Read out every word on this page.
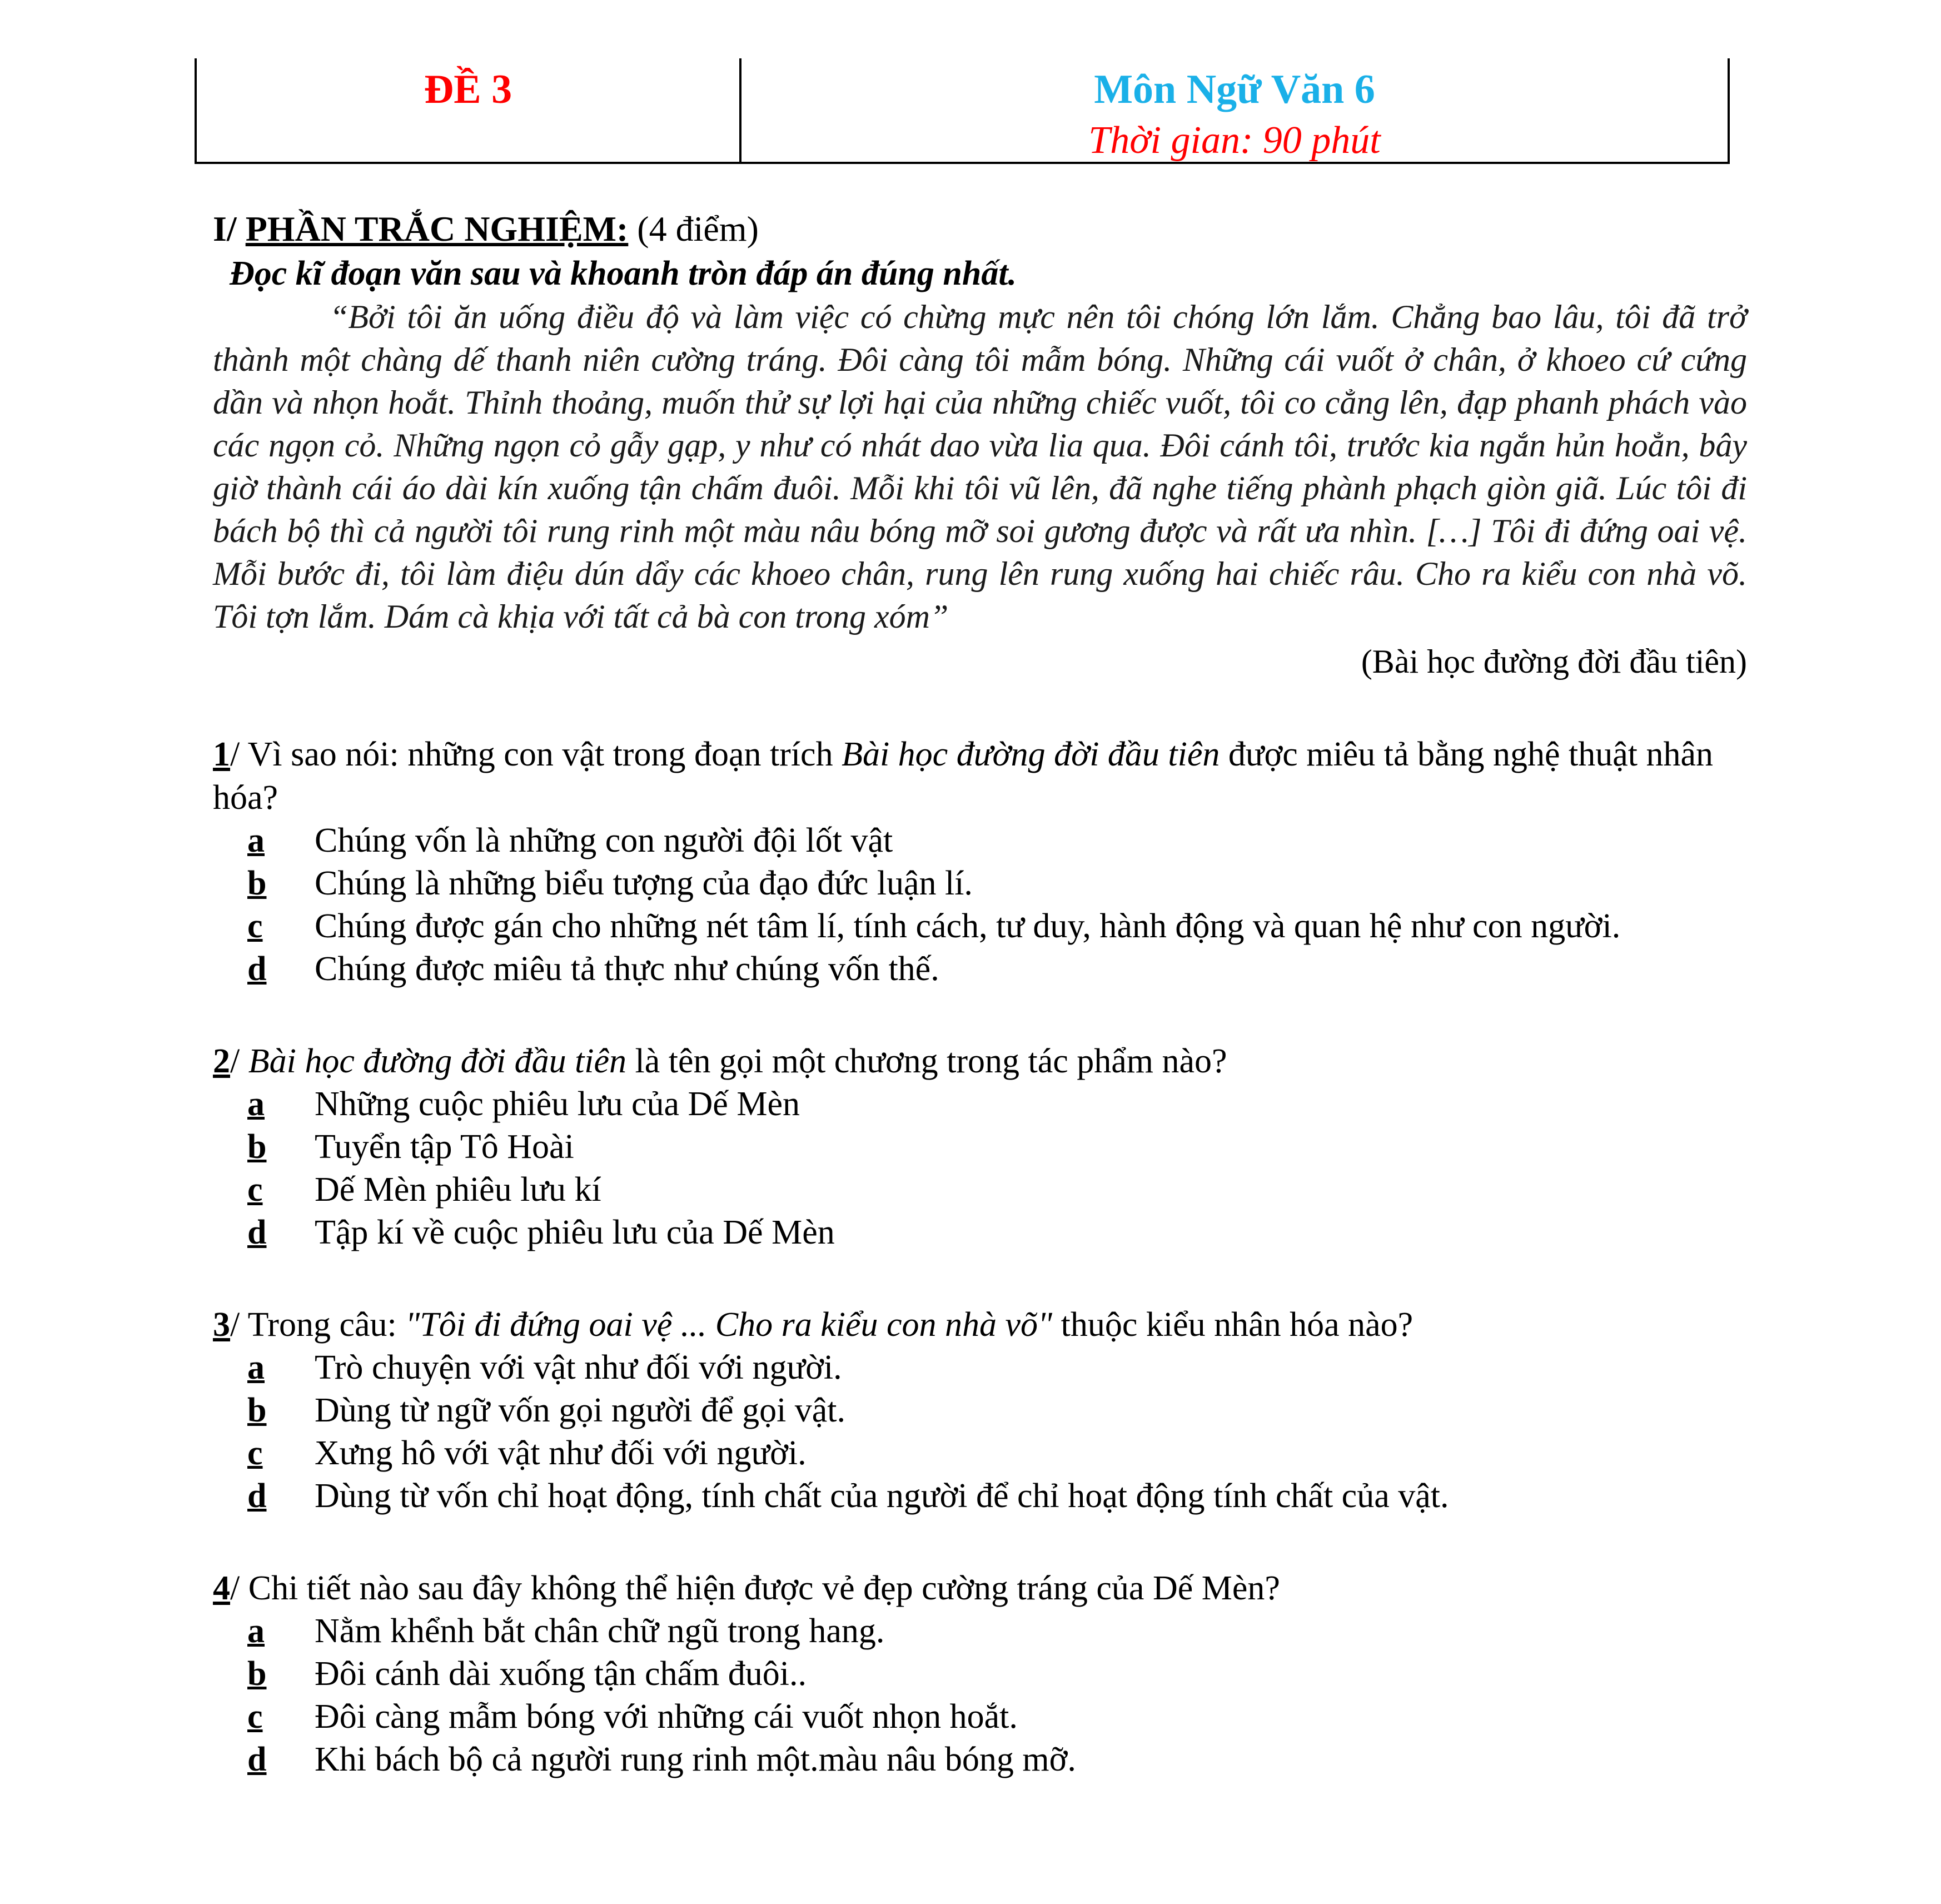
ĐỀ 3	Môn Ngữ Văn 6
Thời gian: 90 phút
I/ PHẦN TRẮC NGHIỆM: (4 điểm)
Đọc kĩ đoạn văn sau và khoanh tròn đáp án đúng nhất.
“Bởi tôi ăn uống điều độ và làm việc có chừng mực nên tôi chóng lớn lắm. Chẳng bao lâu, tôi đã trở thành một chàng dế thanh niên cường tráng. Đôi càng tôi mẫm bóng. Những cái vuốt ở chân, ở khoeo cứ cứng dần và nhọn hoắt. Thỉnh thoảng, muốn thử sự lợi hại của những chiếc vuốt, tôi co cẳng lên, đạp phanh phách vào các ngọn cỏ. Những ngọn cỏ gẫy gạp, y như có nhát dao vừa lia qua. Đôi cánh tôi, trước kia ngắn hủn hoẳn, bây giờ thành cái áo dài kín xuống tận chấm đuôi. Mỗi khi tôi vũ lên, đã nghe tiếng phành phạch giòn giã. Lúc tôi đi bách bộ thì cả người tôi rung rinh một màu nâu bóng mỡ soi gương được và rất ưa nhìn. […] Tôi đi đứng oai vệ. Mỗi bước đi, tôi làm điệu dún dẩy các khoeo chân, rung lên rung xuống hai chiếc râu. Cho ra kiểu con nhà võ. Tôi tợn lắm. Dám cà khịa với tất cả bà con trong xóm”
(Bài học đường đời đầu tiên)
1/ Vì sao nói: những con vật trong đoạn trích Bài học đường đời đầu tiên được miêu tả bằng nghệ thuật nhân hóa?
a	Chúng vốn là những con người đội lốt vật
b	Chúng là những biểu tượng của đạo đức luận lí.
c	Chúng được gán cho những nét tâm lí, tính cách, tư duy, hành động và quan hệ như con người.
d	Chúng được miêu tả thực như chúng vốn thế.
2/ Bài học đường đời đầu tiên là tên gọi một chương trong tác phẩm nào?
a	Những cuộc phiêu lưu của Dế Mèn
b	Tuyển tập Tô Hoài
c	Dế Mèn phiêu lưu kí
d	Tập kí về cuộc phiêu lưu của Dế Mèn
3/ Trong câu: "Tôi đi đứng oai vệ ... Cho ra kiểu con nhà võ" thuộc kiểu nhân hóa nào?
a	Trò chuyện với vật như đối với người.
b	Dùng từ ngữ vốn gọi người để gọi vật.
c	Xưng hô với vật như đối với người.
d	Dùng từ vốn chỉ hoạt động, tính chất của người để chỉ hoạt động tính chất của vật.
4/ Chi tiết nào sau đây không thể hiện được vẻ đẹp cường tráng của Dế Mèn?
a	Nằm khểnh bắt chân chữ ngũ trong hang.
b	Đôi cánh dài xuống tận chấm đuôi..
c	Đôi càng mẫm bóng với những cái vuốt nhọn hoắt.
d	Khi bách bộ cả người rung rinh một.màu nâu bóng mỡ.
